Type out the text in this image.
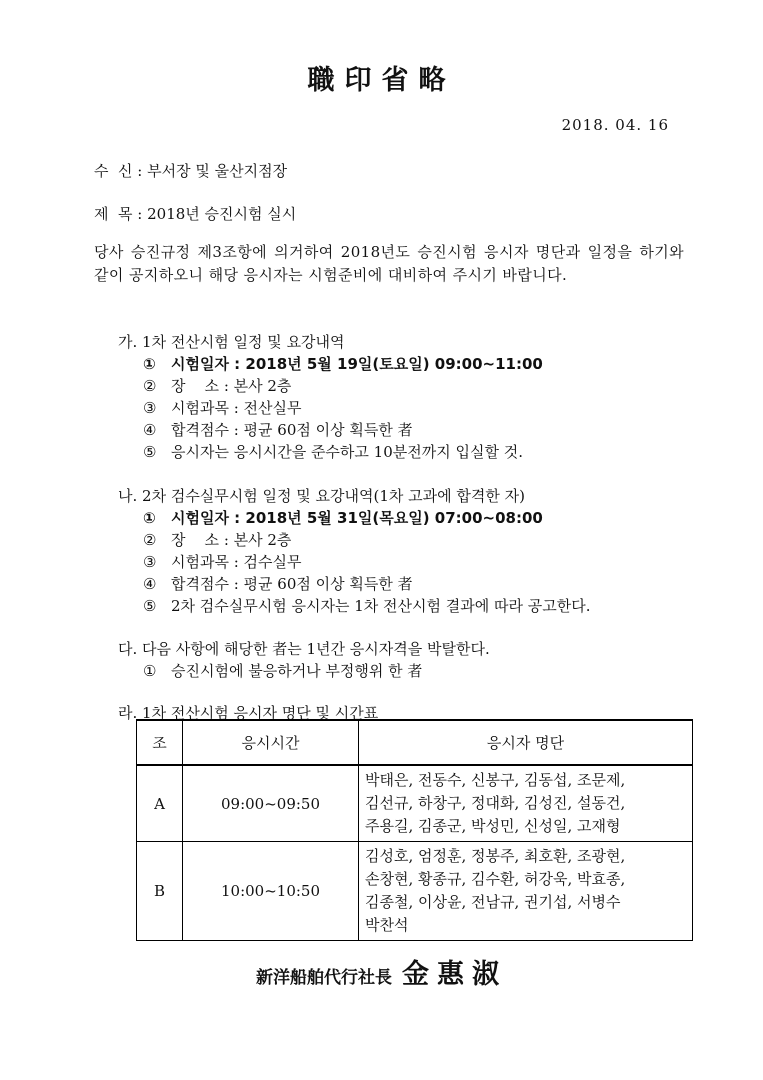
職印省略
2018. 04. 16
수  신 : 부서장 및 울산지점장
제  목 : 2018년 승진시험 실시
당사 승진규정 제3조항에 의거하여 2018년도 승진시험 응시자 명단과 일정을 하기와 같이 공지하오니 해당 응시자는 시험준비에 대비하여 주시기 바랍니다.
가. 1차 전산시험 일정 및 요강내역
① 시험일자 : 2018년 5월 19일(토요일) 09:00~11:00
② 장    소 : 본사 2층
③ 시험과목 : 전산실무
④ 합격점수 : 평균 60점 이상 획득한 者
⑤ 응시자는 응시시간을 준수하고 10분전까지 입실할 것.
나. 2차 검수실무시험 일정 및 요강내역(1차 고과에 합격한 자)
① 시험일자 : 2018년 5월 31일(목요일) 07:00~08:00
② 장    소 : 본사 2층
③ 시험과목 : 검수실무
④ 합격점수 : 평균 60점 이상 획득한 者
⑤ 2차 검수실무시험 응시자는 1차 전산시험 결과에 따라 공고한다.
다. 다음 사항에 해당한 者는 1년간 응시자격을 박탈한다.
① 승진시험에 불응하거나 부정행위 한 者
라. 1차 전산시험 응시자 명단 및 시간표
조	응시시간	응시자 명단
A	09:00~09:50	박태은, 전동수, 신봉구, 김동섭, 조문제,
김선규, 하창구, 정대화, 김성진, 설동건,
주용길, 김종군, 박성민, 신성일, 고재형

B	10:00~10:50	김성호, 엄정훈, 정봉주, 최호환, 조광현,
손창현, 황종규, 김수환, 허강욱, 박효종,
김종철, 이상윤, 전남규, 권기섭, 서병수
박찬석
新洋船舶代行社長 金惠淑
